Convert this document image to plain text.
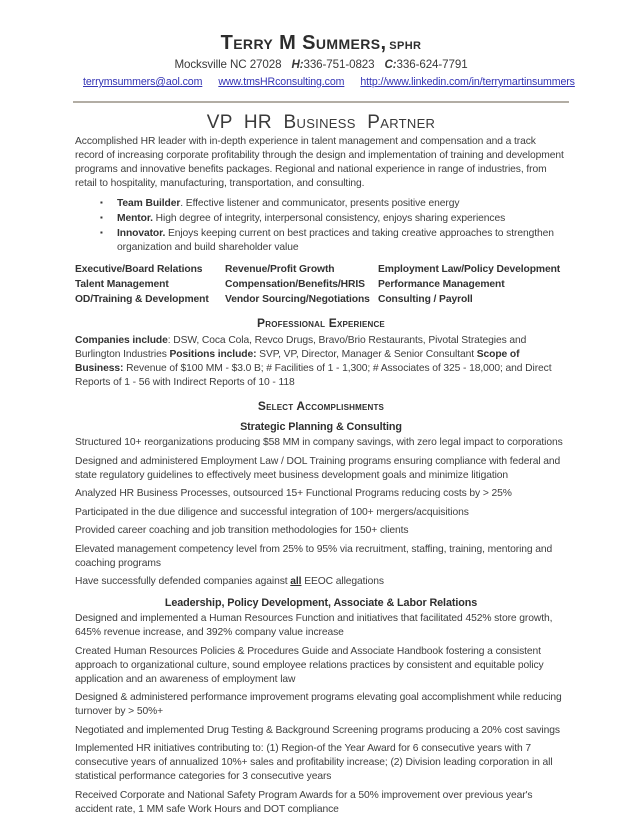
Terry M Summers, SPHR
Mocksville NC 27028 H:336-751-0823 C:336-624-7791
terrymsummers@aol.com www.tmsHRconsulting.com http://www.linkedin.com/in/terrymartinsummers
VP HR Business Partner

Accomplished HR leader with in-depth experience in talent management and compensation and a track record of increasing corporate profitability through the design and implementation of training and development programs and innovative benefits packages. Regional and national experience in range of industries, from retail to hospitality, manufacturing, transportation, and consulting.

▪ Team Builder. Effective listener and communicator, presents positive energy
▪ Mentor. High degree of integrity, interpersonal consistency, enjoys sharing experiences
▪ Innovator. Enjoys keeping current on best practices and taking creative approaches to strengthen organization and build shareholder value
Executive/Board Relations
Talent Management
OD/Training & Development
Revenue/Profit Growth
Compensation/Benefits/HRIS
Vendor Sourcing/Negotiations
Employment Law/Policy Development
Performance Management
Consulting / Payroll
Professional Experience

Companies include: DSW, Coca Cola, Revco Drugs, Bravo/Brio Restaurants, Pivotal Strategies and Burlington Industries Positions include: SVP, VP, Director, Manager & Senior Consultant Scope of Business: Revenue of $100 MM - $3.0 B; # Facilities of 1 - 1,300; # Associates of 325 - 18,000; and Direct Reports of 1 - 56 with Indirect Reports of 10 - 118

Select Accomplishments
Strategic Planning & Consulting

Structured 10+ reorganizations producing $58 MM in company savings, with zero legal impact to corporations

Designed and administered Employment Law / DOL Training programs ensuring compliance with federal and state regulatory guidelines to effectively meet business development goals and minimize litigation

Analyzed HR Business Processes, outsourced 15+ Functional Programs reducing costs by > 25%

Participated in the due diligence and successful integration of 100+ mergers/acquisitions

Provided career coaching and job transition methodologies for 150+ clients

Elevated management competency level from 25% to 95% via recruitment, staffing, training, mentoring and coaching programs

Have successfully defended companies against all EEOC allegations

Leadership, Policy Development, Associate & Labor Relations

Designed and implemented a Human Resources Function and initiatives that facilitated 452% store growth, 645% revenue increase, and 392% company value increase

Created Human Resources Policies & Procedures Guide and Associate Handbook fostering a consistent approach to organizational culture, sound employee relations practices by consistent and equitable policy application and an awareness of employment law

Designed & administered performance improvement programs elevating goal accomplishment while reducing turnover by > 50%+

Negotiated and implemented Drug Testing & Background Screening programs producing a 20% cost savings

Implemented HR initiatives contributing to: (1) Region-of the Year Award for 6 consecutive years with 7 consecutive years of annualized 10%+ sales and profitability increase; (2) Division leading corporation in all statistical performance categories for 3 consecutive years

Received Corporate and National Safety Program Awards for a 50% improvement over previous year's accident rate, 1 MM safe Work Hours and DOT compliance
